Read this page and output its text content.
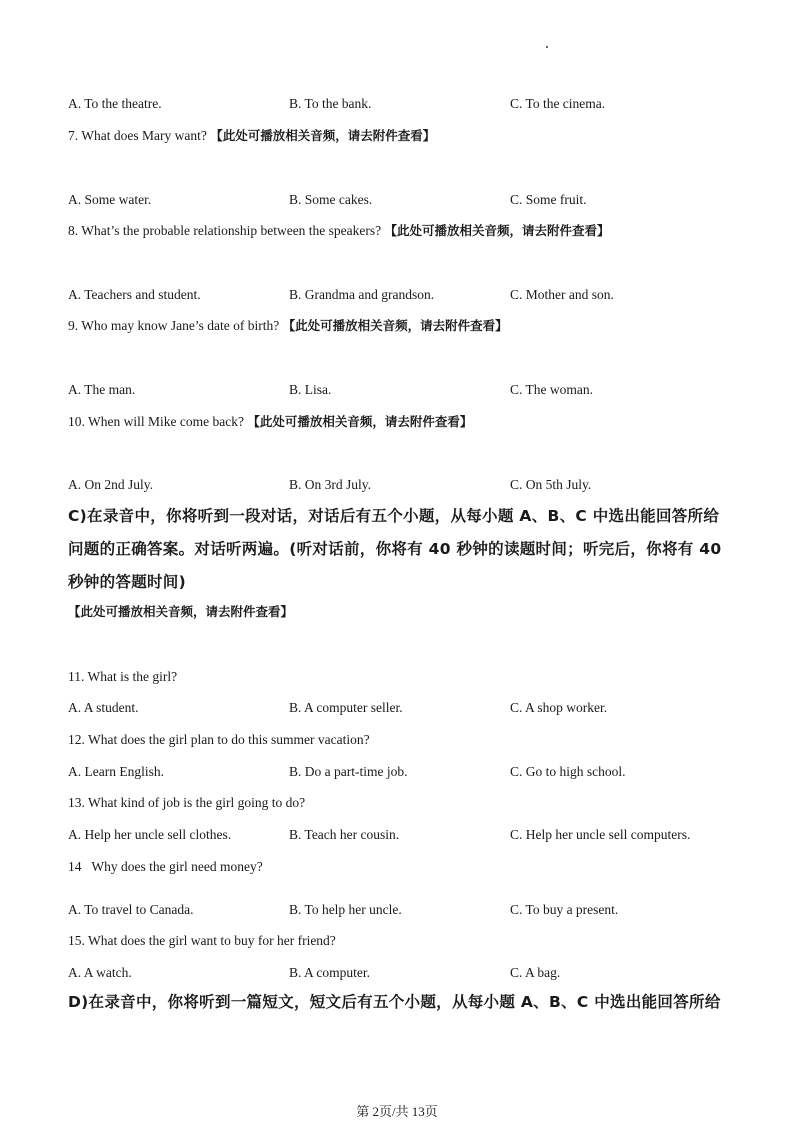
A. To the theatre.	B. To the bank.	C. To the cinema.
7. What does Mary want? 【此处可播放相关音频，请去附件查看】
A. Some water.	B. Some cakes.	C. Some fruit.
8. What’s the probable relationship between the speakers? 【此处可播放相关音频，请去附件查看】
A. Teachers and student.	B. Grandma and grandson.	C. Mother and son.
9. Who may know Jane’s date of birth? 【此处可播放相关音频，请去附件查看】
A. The man.	B. Lisa.	C. The woman.
10. When will Mike come back? 【此处可播放相关音频，请去附件查看】
A. On 2nd July.	B. On 3rd July.	C. On 5th July.
C)在录音中，你将听到一段对话，对话后有五个小题，从每小题 A、B、C 中选出能回答所给
问题的正确答案。对话听两遍。(听对话前，你将有 40 秒钟的读题时间；听完后，你将有 40
秒钟的答题时间)
【此处可播放相关音频，请去附件查看】
11. What is the girl?
A. A student.	B. A computer seller.	C. A shop worker.
12. What does the girl plan to do this summer vacation?
A. Learn English.	B. Do a part-time job.	C. Go to high school.
13. What kind of job is the girl going to do?
A. Help her uncle sell clothes.	B. Teach her cousin.	C. Help her uncle sell computers.
14   Why does the girl need money?
A. To travel to Canada.	B. To help her uncle.	C. To buy a present.
15. What does the girl want to buy for her friend?
A. A watch.	B. A computer.	C. A bag.
D)在录音中，你将听到一篇短文，短文后有五个小题，从每小题 A、B、C 中选出能回答所给
第 2页/共 13页
